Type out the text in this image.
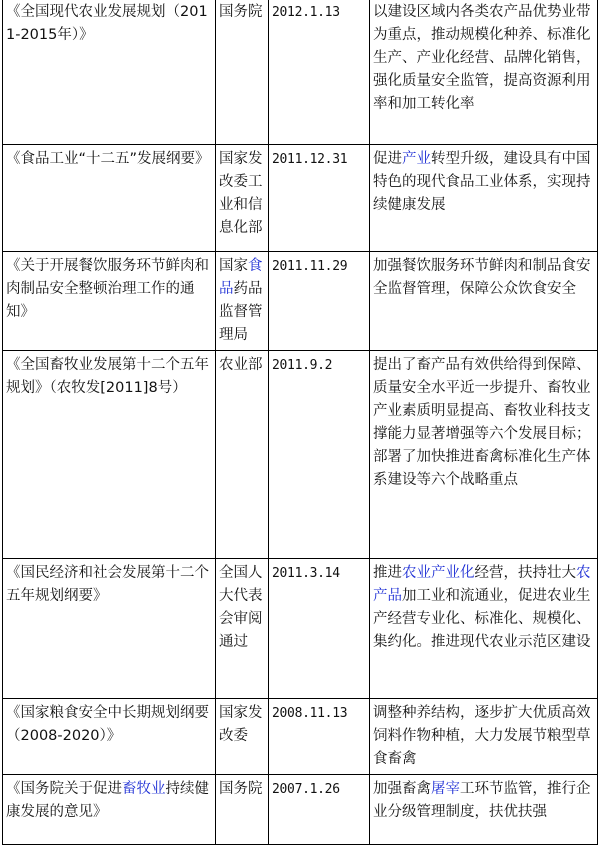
《全国现代农业发展规划（2011-2015年）》	国务院	2012.1.13	以建设区域内各类农产品优势业带为重点，推动规模化种养、标准化生产、产业化经营、品牌化销售，强化质量安全监管，提高资源利用率和加工转化率
《食品工业“十二五”发展纲要》	国家发改委工业和信息化部	2011.12.31	促进产业转型升级，建设具有中国特色的现代食品工业体系，实现持续健康发展
《关于开展餐饮服务环节鲜肉和肉制品安全整顿治理工作的通知》	国家食品药品监督管理局	2011.11.29	加强餐饮服务环节鲜肉和制品食安全监督管理，保障公众饮食安全
《全国畜牧业发展第十二个五年规划》（农牧发[2011]8号）	农业部	2011.9.2	提出了畜产品有效供给得到保障、质量安全水平近一步提升、畜牧业产业素质明显提高、畜牧业科技支撑能力显著增强等六个发展目标；部署了加快推进畜禽标准化生产体系建设等六个战略重点
《国民经济和社会发展第十二个五年规划纲要》	全国人大代表会审阅通过	2011.3.14	推进农业产业化经营，扶持壮大农产品加工业和流通业，促进农业生产经营专业化、标准化、规模化、集约化。推进现代农业示范区建设
《国家粮食安全中长期规划纲要（2008-2020）》	国家发改委	2008.11.13	调整种养结构，逐步扩大优质高效饲料作物种植，大力发展节粮型草食畜禽
《国务院关于促进畜牧业持续健康发展的意见》	国务院	2007.1.26	加强畜禽屠宰工环节监管，推行企业分级管理制度，扶优扶强
